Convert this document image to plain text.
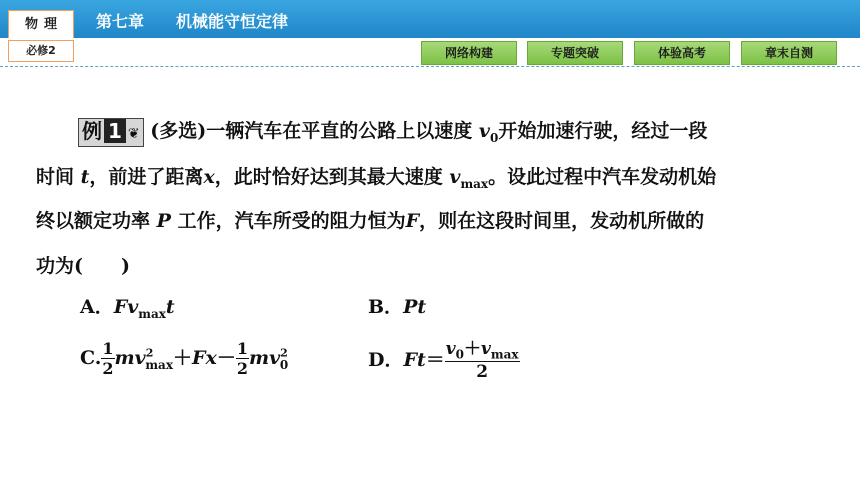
物理	第七章　　机械能守恒定律
必修2	网络构建	专题突破	体验高考	章末自测
例 1 ❦ (多选)一辆汽车在平直的公路上以速度 $v_0$开始加速行驶，经过一段
时间 t，前进了距离x，此时恰好达到其最大速度 $v_{max}$。设此过程中汽车发动机始
终以额定功率 P 工作，汽车所受的阻力恒为F，则在这段时间里，发动机所做的
功为(　　)
A．$Fv_{max}t$	B．Pt
C. $\frac{1}{2} mv^2_{max}+Fx- \frac{1}{2} mv^2_0$	D．$Ft= \frac{v_0+v_{max}}{2}$
